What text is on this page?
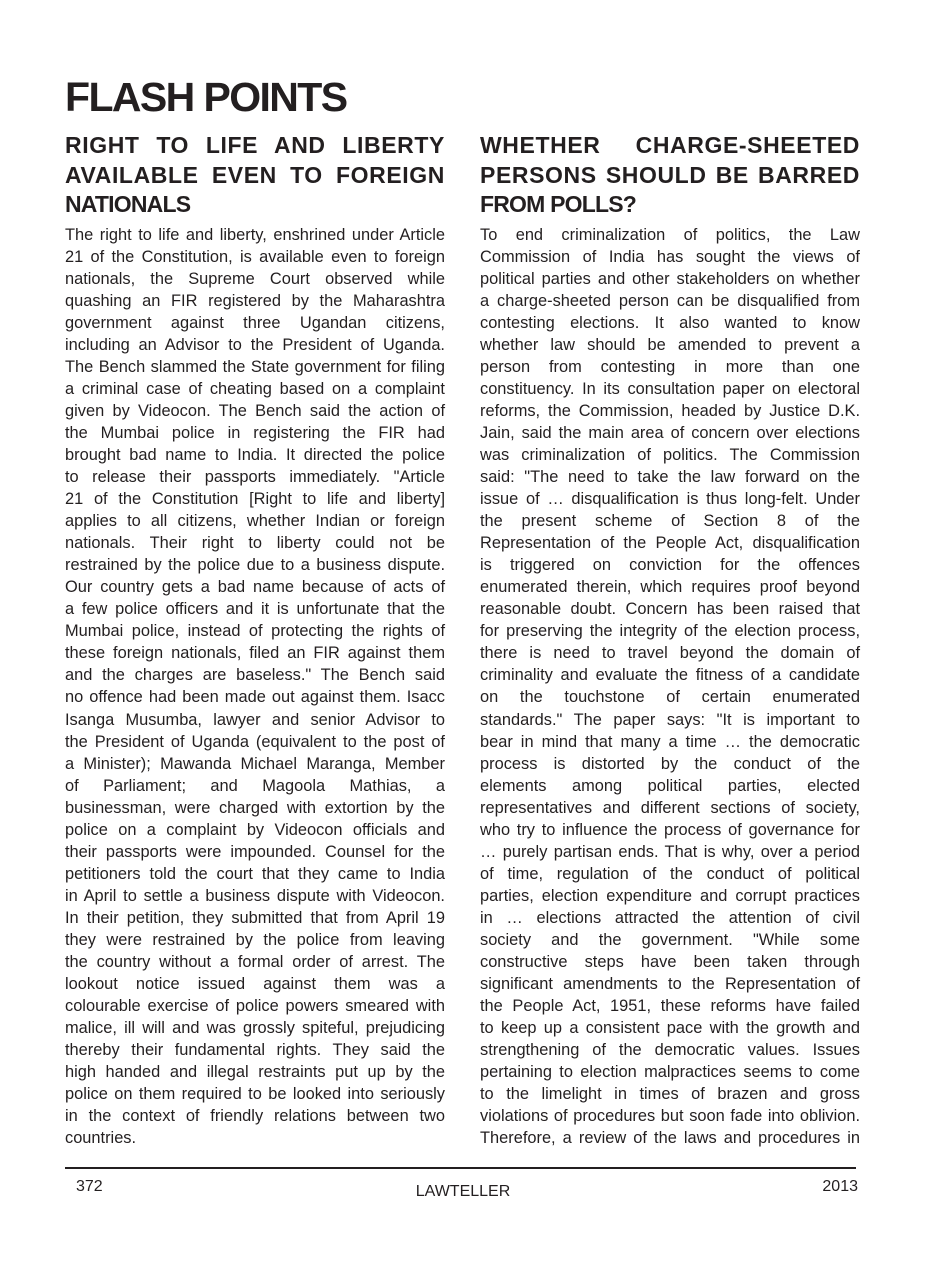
FLASH POINTS
RIGHT TO LIFE AND LIBERTY
AVAILABLE EVEN TO FOREIGN
NATIONALS
The right to life and liberty, enshrined under Article
21 of the Constitution, is available even to foreign
nationals, the Supreme Court observed while
quashing an FIR registered by the Maharashtra
government against three Ugandan citizens,
including an Advisor to the President of Uganda.
The Bench slammed the State government for filing
a criminal case of cheating based on a complaint
given by Videocon. The Bench said the action of
the Mumbai police in registering the FIR had
brought bad name to India. It directed the police
to release their passports immediately. "Article
21 of the Constitution [Right to life and liberty]
applies to all citizens, whether Indian or foreign
nationals. Their right to liberty could not be
restrained by the police due to a business dispute.
Our country gets a bad name because of acts of
a few police officers and it is unfortunate that the
Mumbai police, instead of protecting the rights of
these foreign nationals, filed an FIR against them
and the charges are baseless." The Bench said
no offence had been made out against them. Isacc
Isanga Musumba, lawyer and senior Advisor to
the President of Uganda (equivalent to the post of
a Minister); Mawanda Michael Maranga, Member
of Parliament; and Magoola Mathias, a
businessman, were charged with extortion by the
police on a complaint by Videocon officials and
their passports were impounded. Counsel for the
petitioners told the court that they came to India
in April to settle a business dispute with Videocon.
In their petition, they submitted that from April 19
they were restrained by the police from leaving
the country without a formal order of arrest. The
lookout notice issued against them was a
colourable exercise of police powers smeared with
malice, ill will and was grossly spiteful, prejudicing
thereby their fundamental rights. They said the
high handed and illegal restraints put up by the
police on them required to be looked into seriously
in the context of friendly relations between two
countries.
WHETHER CHARGE-SHEETED
PERSONS SHOULD BE BARRED
FROM POLLS?
To end criminalization of politics, the Law
Commission of India has sought the views of
political parties and other stakeholders on whether
a charge-sheeted person can be disqualified from
contesting elections. It also wanted to know
whether law should be amended to prevent a
person from contesting in more than one
constituency. In its consultation paper on electoral
reforms, the Commission, headed by Justice D.K.
Jain, said the main area of concern over elections
was criminalization of politics. The Commission
said: "The need to take the law forward on the
issue of … disqualification is thus long-felt. Under
the present scheme of Section 8 of the
Representation of the People Act, disqualification
is triggered on conviction for the offences
enumerated therein, which requires proof beyond
reasonable doubt. Concern has been raised that
for preserving the integrity of the election process,
there is need to travel beyond the domain of
criminality and evaluate the fitness of a candidate
on the touchstone of certain enumerated
standards." The paper says: "It is important to
bear in mind that many a time … the democratic
process is distorted by the conduct of the
elements among political parties, elected
representatives and different sections of society,
who try to influence the process of governance for
… purely partisan ends. That is why, over a period
of time, regulation of the conduct of political
parties, election expenditure and corrupt practices
in … elections attracted the attention of civil
society and the government. "While some
constructive steps have been taken through
significant amendments to the Representation of
the People Act, 1951, these reforms have failed
to keep up a consistent pace with the growth and
strengthening of the democratic values. Issues
pertaining to election malpractices seems to come
to the limelight in times of brazen and gross
violations of procedures but soon fade into oblivion.
Therefore, a review of the laws and procedures in
372	LAWTELLER	2013
